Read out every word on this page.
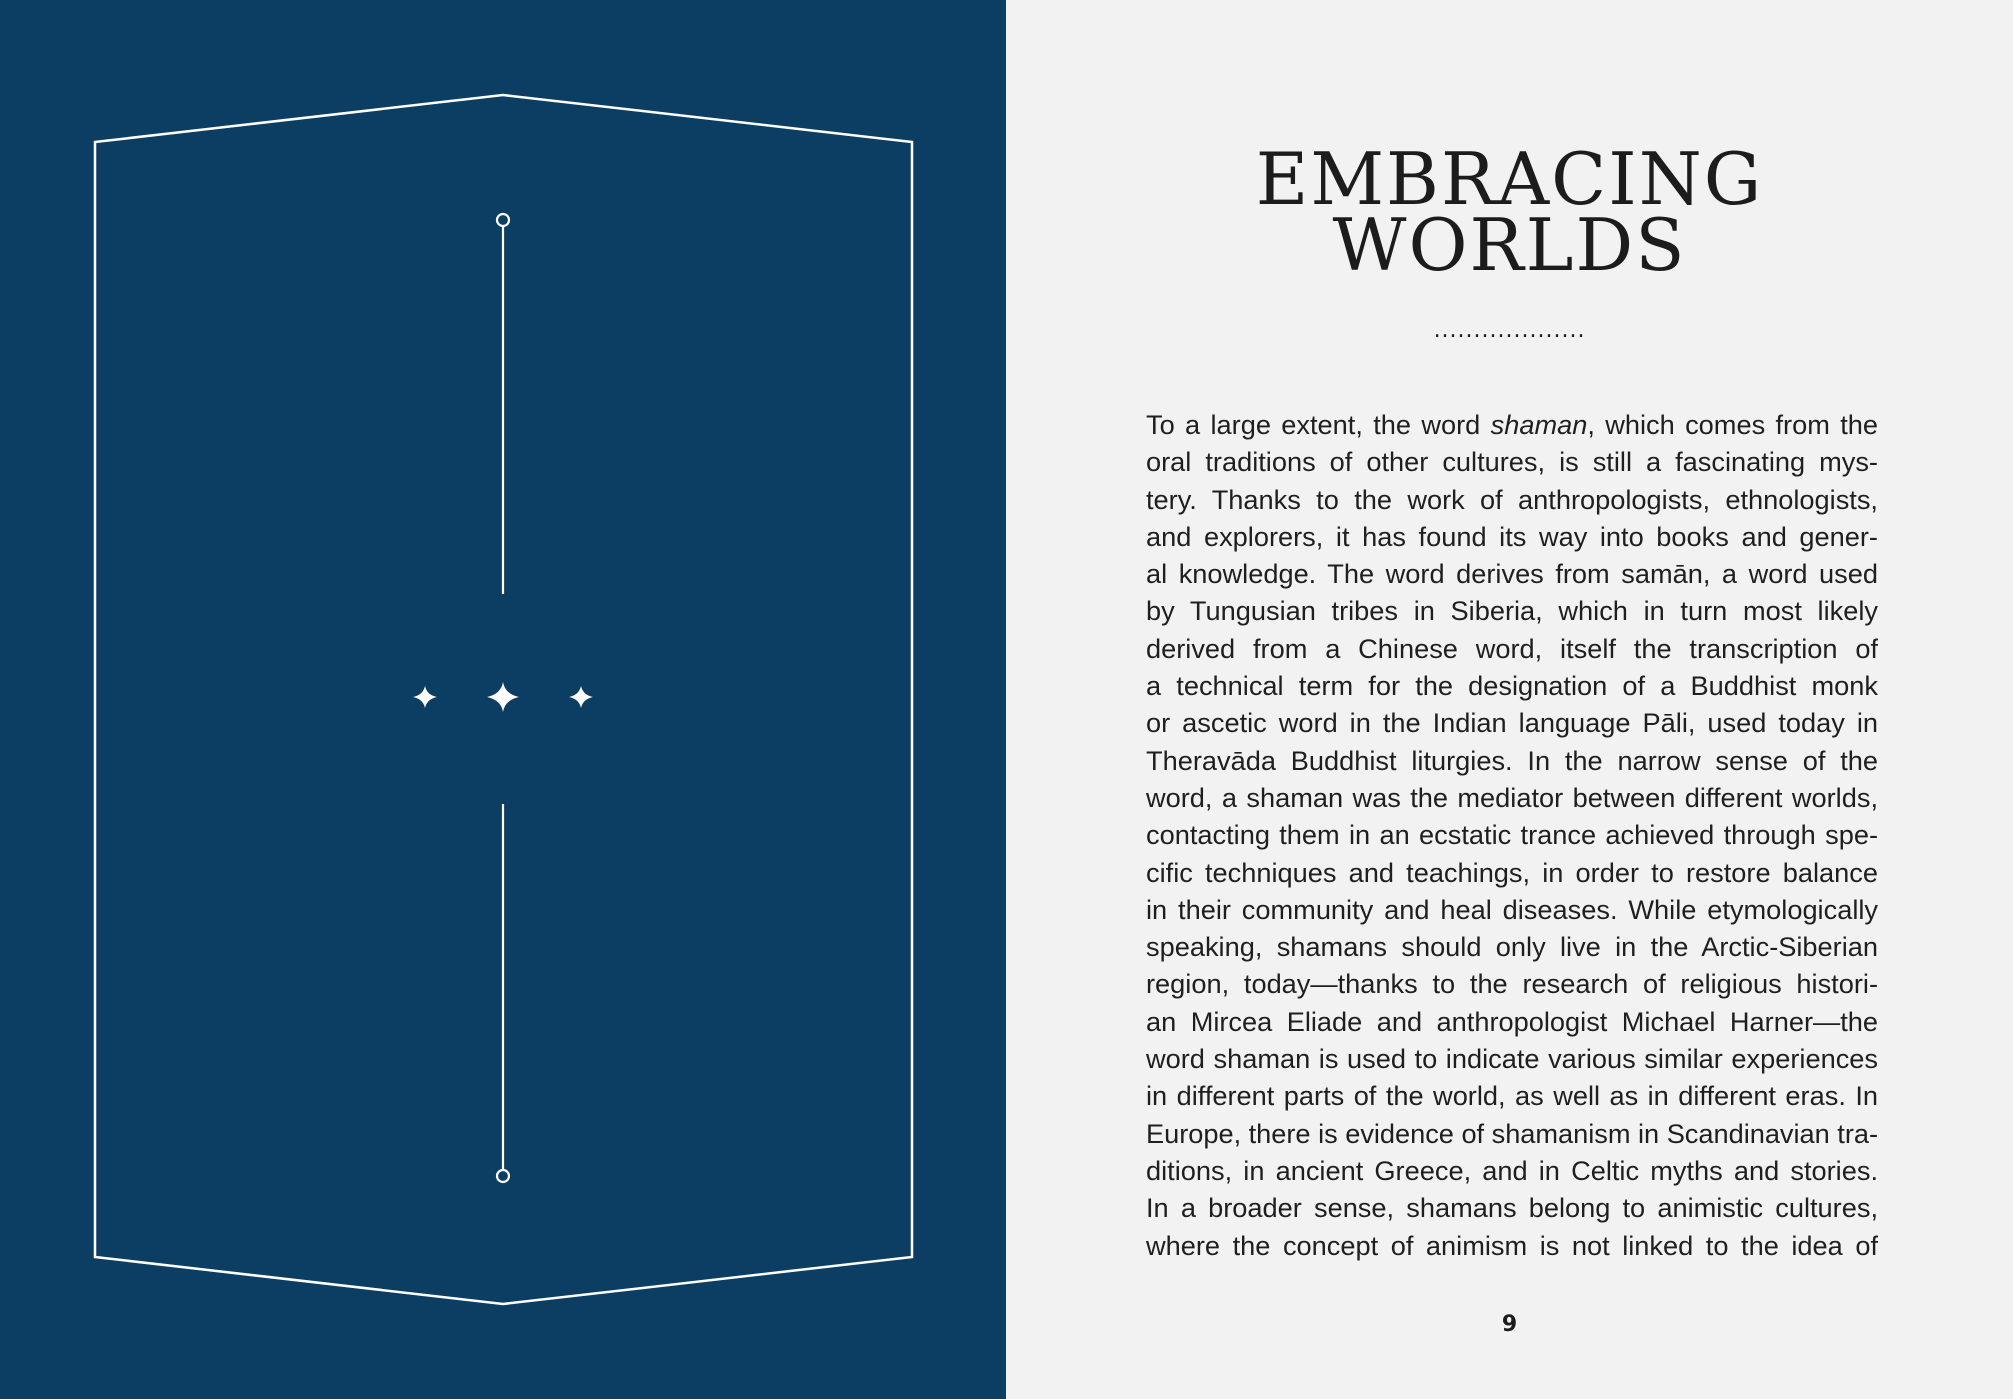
EMBRACING
WORLDS
...................
To a large extent, the word shaman, which comes from the
oral traditions of other cultures, is still a fascinating mys-
tery. Thanks to the work of anthropologists, ethnologists,
and explorers, it has found its way into books and gener-
al knowledge. The word derives from samān, a word used
by Tungusian tribes in Siberia, which in turn most likely
derived from a Chinese word, itself the transcription of
a technical term for the designation of a Buddhist monk
or ascetic word in the Indian language Pāli, used today in
Theravāda Buddhist liturgies. In the narrow sense of the
word, a shaman was the mediator between different worlds,
contacting them in an ecstatic trance achieved through spe-
cific techniques and teachings, in order to restore balance
in their community and heal diseases. While etymologically
speaking, shamans should only live in the Arctic-Siberian
region, today—thanks to the research of religious histori-
an Mircea Eliade and anthropologist Michael Harner—the
word shaman is used to indicate various similar experiences
in different parts of the world, as well as in different eras. In
Europe, there is evidence of shamanism in Scandinavian tra-
ditions, in ancient Greece, and in Celtic myths and stories.
In a broader sense, shamans belong to animistic cultures,
where the concept of animism is not linked to the idea of
9
